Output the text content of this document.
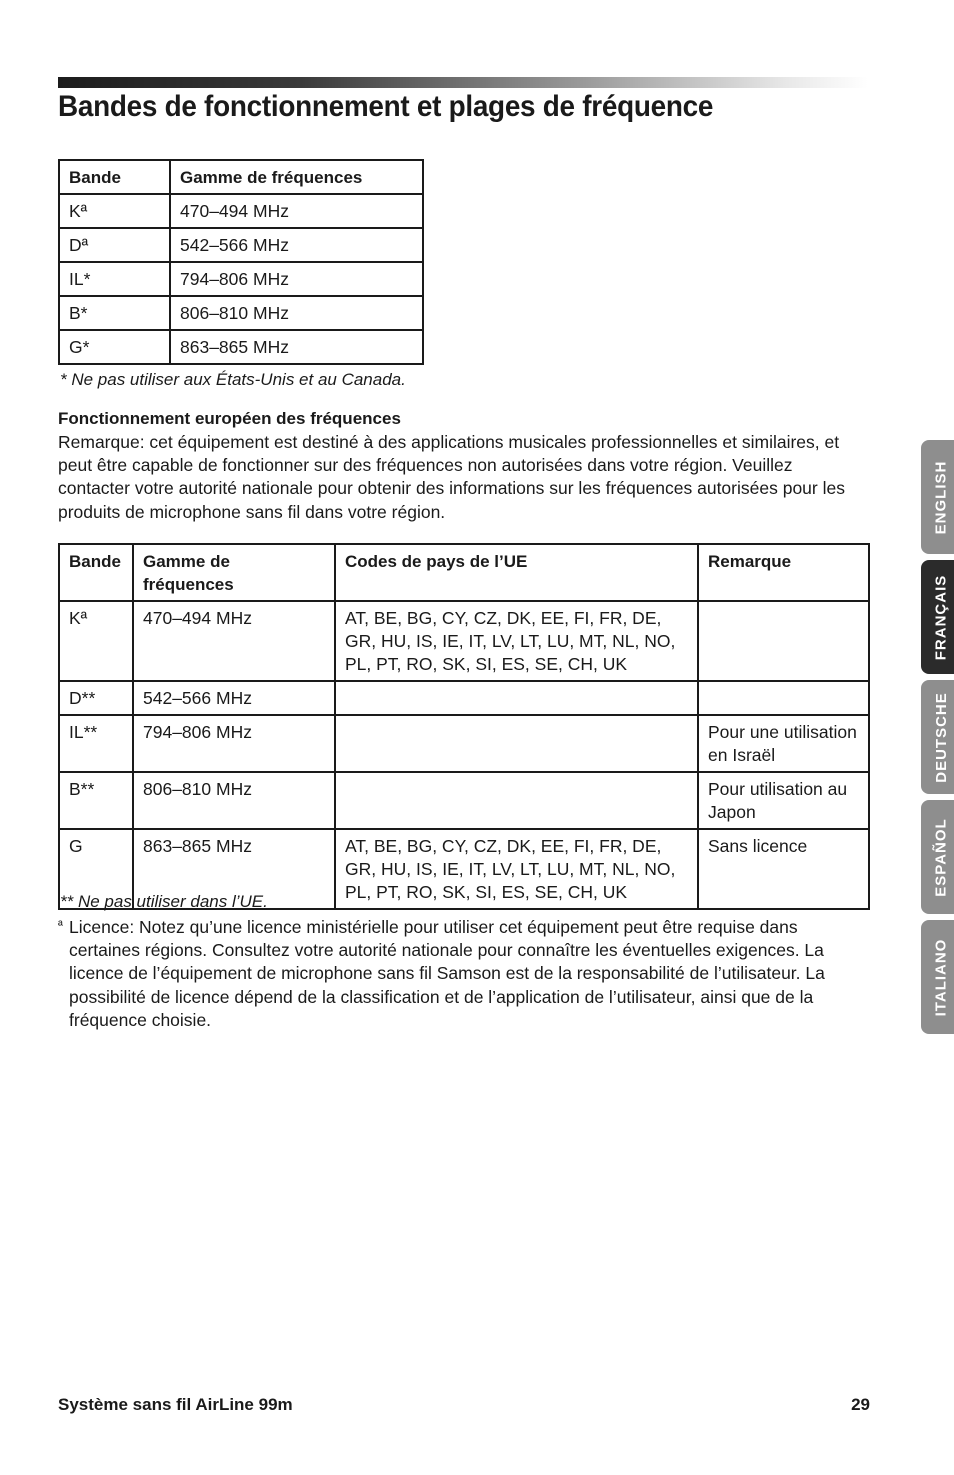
Bandes de fonctionnement et plages de fréquence
Bande	Gamme de fréquences
Kª	470–494 MHz
Dª	542–566 MHz
IL*	794–806 MHz
B*	806–810 MHz
G*	863–865 MHz

* Ne pas utiliser aux États-Unis et au Canada.

Fonctionnement européen des fréquences

Remarque: cet équipement est destiné à des applications musicales professionnelles et similaires, et peut être capable de fonctionner sur des fréquences non autorisées dans votre région. Veuillez contacter votre autorité nationale pour obtenir des informations sur les fréquences autorisées pour les produits de microphone sans fil dans votre région.

Bande	Gamme de fréquences	Codes de pays de l’UE	Remarque
Kª	470–494 MHz	AT, BE, BG, CY, CZ, DK, EE, FI, FR, DE, GR, HU, IS, IE, IT, LV, LT, LU, MT, NL, NO, PL, PT, RO, SK, SI, ES, SE, CH, UK	
D**	542–566 MHz		
IL**	794–806 MHz		Pour une utilisation en Israël
B**	806–810 MHz		Pour utilisation au Japon
G	863–865 MHz	AT, BE, BG, CY, CZ, DK, EE, FI, FR, DE, GR, HU, IS, IE, IT, LV, LT, LU, MT, NL, NO, PL, PT, RO, SK, SI, ES, SE, CH, UK	Sans licence

** Ne pas utiliser dans l’UE.

ª Licence: Notez qu’une licence ministérielle pour utiliser cet équipement peut être requise dans certaines régions. Consultez votre autorité nationale pour connaître les éventuelles exigences. La licence de l’équipement de microphone sans fil Samson est de la responsabilité de l’utilisateur. La possibilité de licence dépend de la classification et de l’application de l’utilisateur, ainsi que de la fréquence choisie.

Système sans fil AirLine 99m	29
ENGLISH
FRANÇAIS
DEUTSCHE
ESPAÑOL
ITALIANO
